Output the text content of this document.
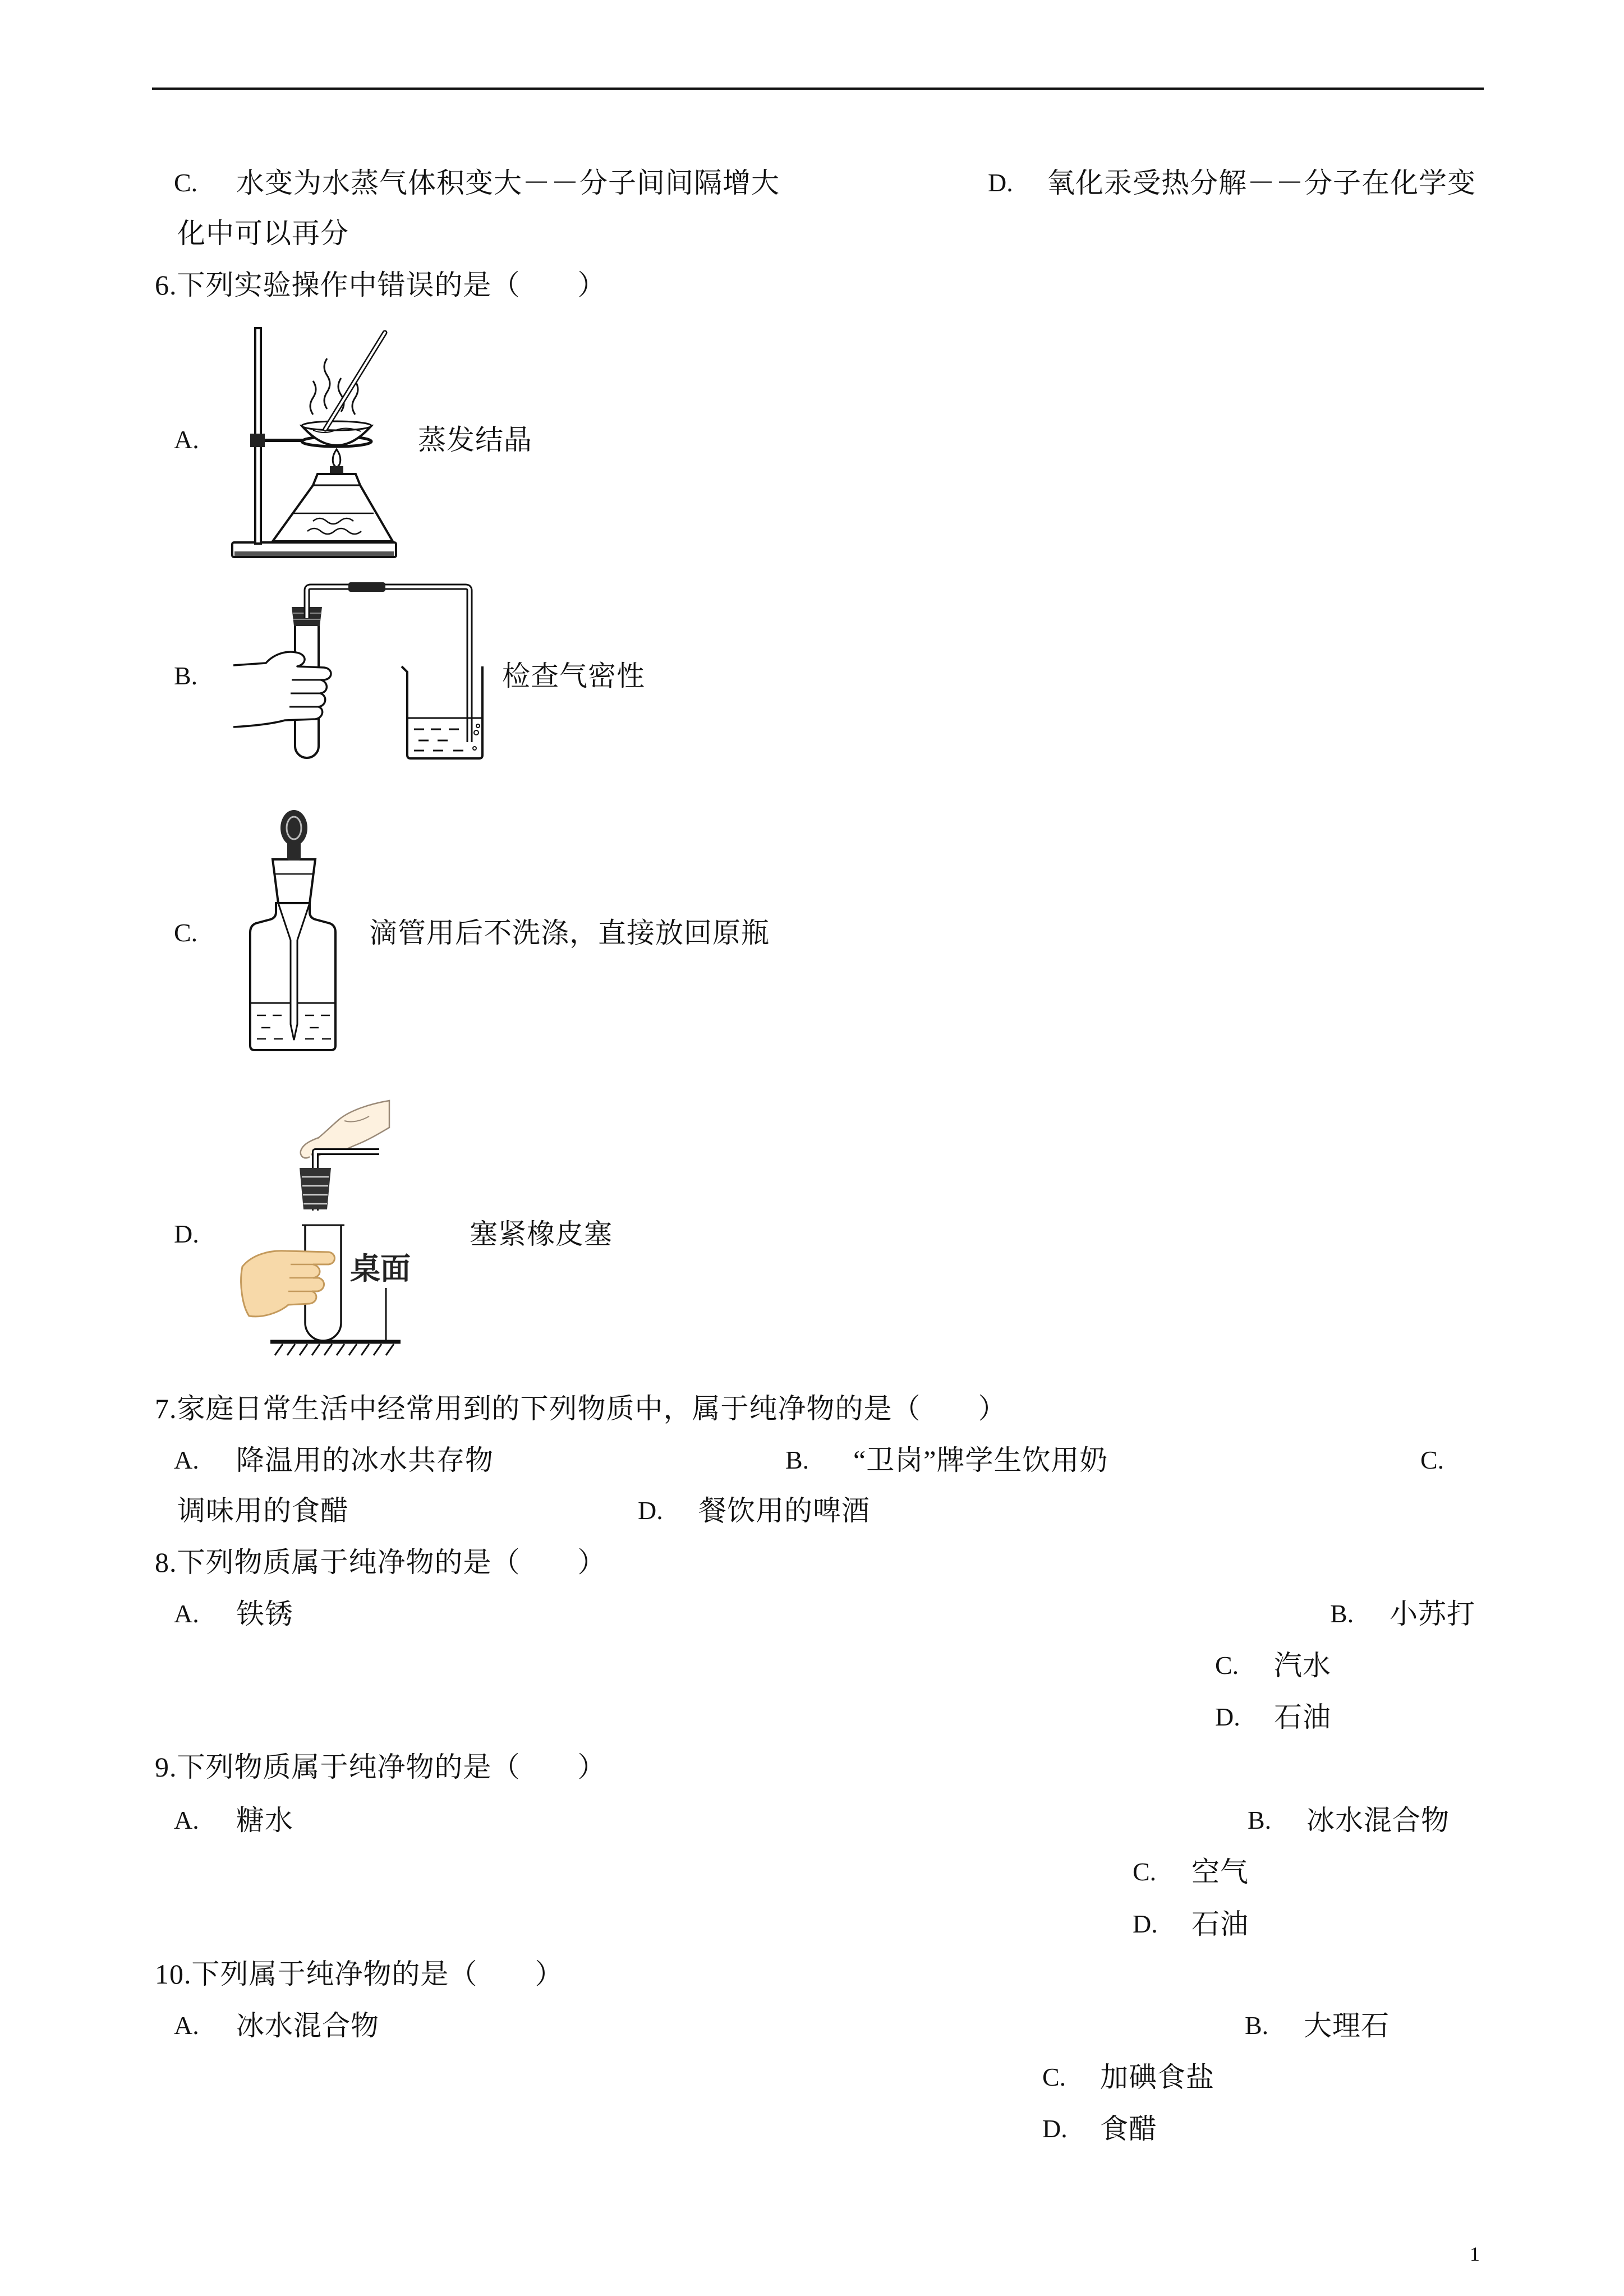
C. 水变为水蒸气体积变大－－分子间间隔增大	D. 氧化汞受热分解－－分子在化学变
化中可以再分
6.下列实验操作中错误的是（　　）
A.	蒸发结晶
B.	检查气密性
C.	滴管用后不洗涤，直接放回原瓶
D.
桌面
塞紧橡皮塞
7.家庭日常生活中经常用到的下列物质中，属于纯净物的是（　　）
A. 降温用的冰水共存物	B. “卫岗”牌学生饮用奶	C.
调味用的食醋	D. 餐饮用的啤酒
8.下列物质属于纯净物的是（　　）
A. 铁锈	B. 小苏打
C. 汽水
D. 石油
9.下列物质属于纯净物的是（　　）
A. 糖水	B. 冰水混合物
C. 空气
D. 石油
10.下列属于纯净物的是（　　）
A. 冰水混合物	B. 大理石
C. 加碘食盐
D. 食醋
1
